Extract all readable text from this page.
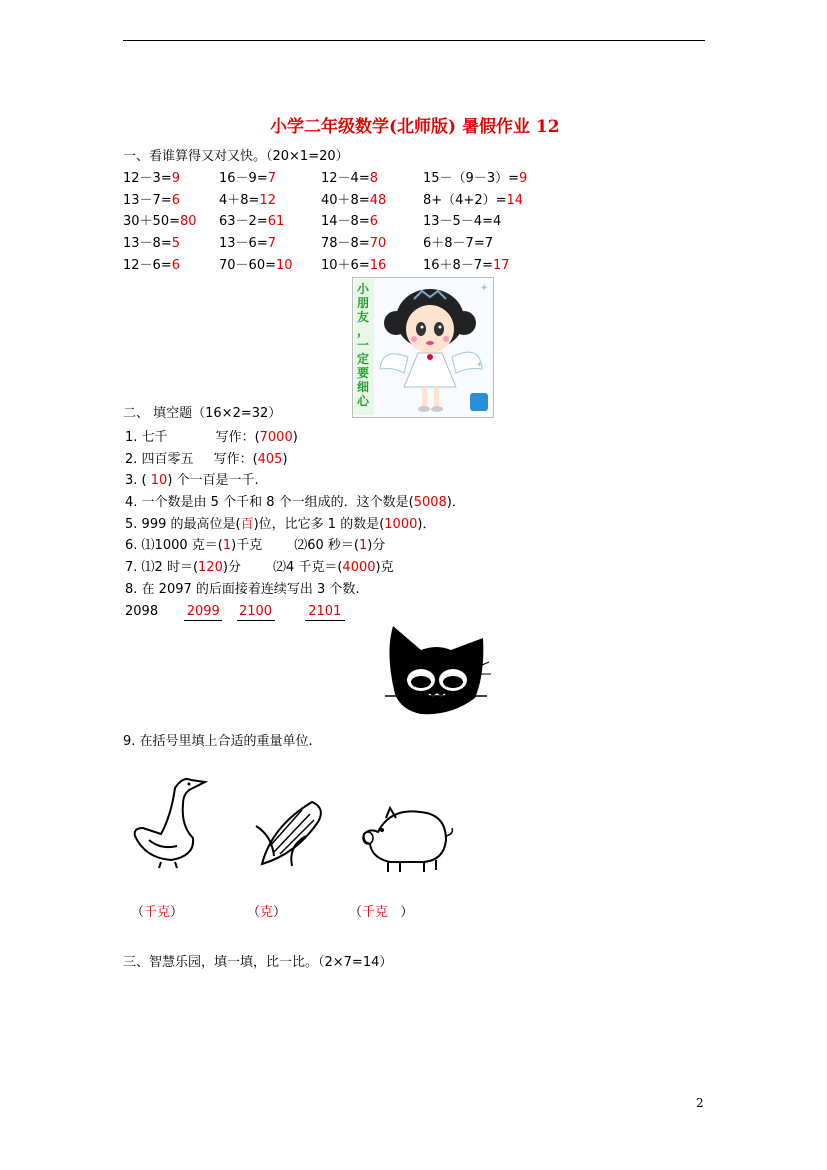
小学二年级数学(北师版) 暑假作业 12
一、看谁算得又对又快。（20×1=20）
12－3=9	16－9=7	12－4=8	15－（9－3）=9
13－7=6	4＋8=12	40＋8=48	8+（4+2）=14
30＋50=80 63－2=61	14－8=6	13－5－4=4
13－8=5	13－6=7	78－8=70	6＋8－7=7
12－6=6	70－60=10 10＋6=16	16＋8－7=17
小
朋
友
，
一
定
要
细
心
✦
✦
二、 填空题（16×2=32）
1. 七千	写作：(7000)
2. 四百零五 写作：(405)
3. ( 10) 个一百是一千.
4. 一个数是由 5 个千和 8 个一组成的．这个数是(5008)．
5. 999 的最高位是(百)位，比它多 1 的数是(1000)．
6. ⑴1000 克＝(1)千克 ⑵60 秒＝(1)分
7. ⑴2 时＝(120)分 ⑵4 千克＝(4000)克
8. 在 2097 的后面接着连续写出 3 个数.
2098 2099 2100	2101
9. 在括号里填上合适的重量单位.
（千克）	（克）	（千克   ）
三、智慧乐园，填一填，比一比。（2×7=14）
2
